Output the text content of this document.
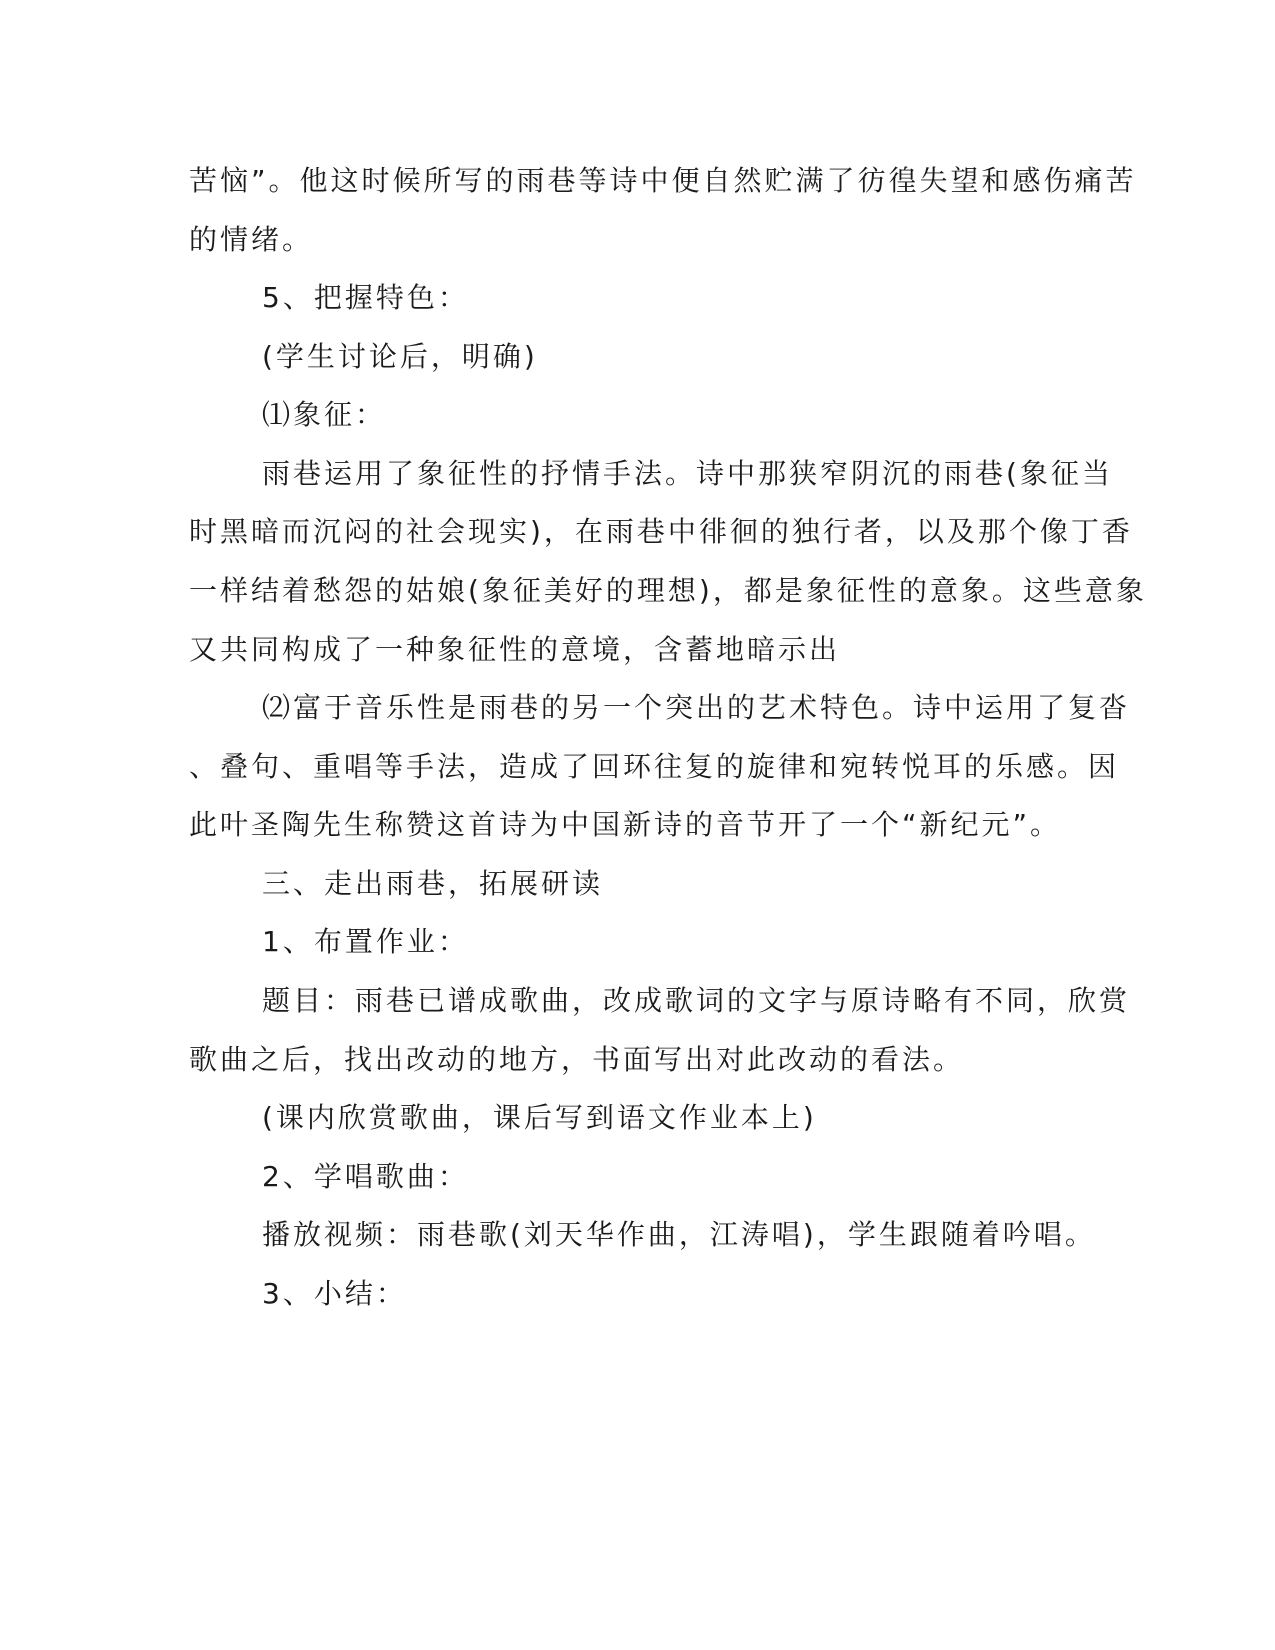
苦恼”。他这时候所写的雨巷等诗中便自然贮满了彷徨失望和感伤痛苦
的情绪。
5、把握特色：
(学生讨论后，明确)
⑴象征：
雨巷运用了象征性的抒情手法。诗中那狭窄阴沉的雨巷(象征当
时黑暗而沉闷的社会现实)，在雨巷中徘徊的独行者，以及那个像丁香
一样结着愁怨的姑娘(象征美好的理想)，都是象征性的意象。这些意象
又共同构成了一种象征性的意境，含蓄地暗示出
⑵富于音乐性是雨巷的另一个突出的艺术特色。诗中运用了复沓
、叠句、重唱等手法，造成了回环往复的旋律和宛转悦耳的乐感。因
此叶圣陶先生称赞这首诗为中国新诗的音节开了一个“新纪元”。
三、走出雨巷，拓展研读
1、布置作业：
题目：雨巷已谱成歌曲，改成歌词的文字与原诗略有不同，欣赏
歌曲之后，找出改动的地方，书面写出对此改动的看法。
(课内欣赏歌曲，课后写到语文作业本上)
2、学唱歌曲：
播放视频：雨巷歌(刘天华作曲，江涛唱)，学生跟随着吟唱。
3、小结：
